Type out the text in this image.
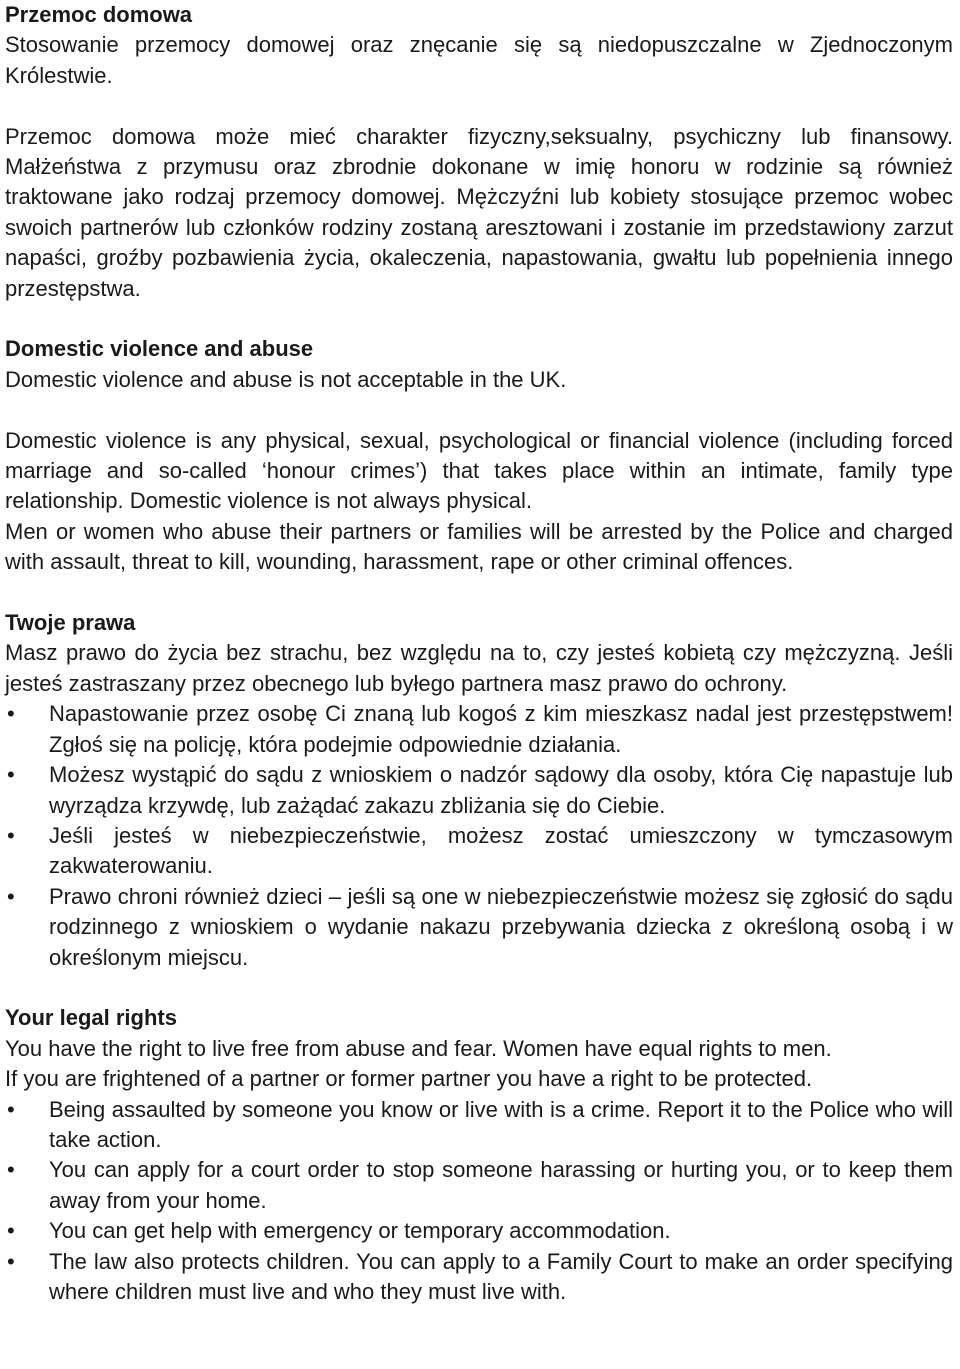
Przemoc domowa

Stosowanie przemocy domowej oraz znęcanie się są niedopuszczalne w Zjednoczonym Królestwie.

Przemoc domowa może mieć charakter fizyczny,seksualny, psychiczny lub finansowy. Małżeństwa z przymusu oraz zbrodnie dokonane w imię honoru w rodzinie są również traktowane jako rodzaj przemocy domowej. Mężczyźni lub kobiety stosujące przemoc wobec swoich partnerów lub członków rodziny zostaną aresztowani i zostanie im przedstawiony zarzut napaści, groźby pozbawienia życia, okaleczenia, napastowania, gwałtu lub popełnienia innego przestępstwa.

Domestic violence and abuse

Domestic violence and abuse is not acceptable in the UK.

Domestic violence is any physical, sexual, psychological or financial violence (including forced marriage and so-called ‘honour crimes’) that takes place within an intimate, family type relationship. Domestic violence is not always physical.

Men or women who abuse their partners or families will be arrested by the Police and charged with assault, threat to kill, wounding, harassment, rape or other criminal offences.

Twoje prawa

Masz prawo do życia bez strachu, bez względu na to, czy jesteś kobietą czy mężczyzną. Jeśli jesteś zastraszany przez obecnego lub byłego partnera masz prawo do ochrony.

• Napastowanie przez osobę Ci znaną lub kogoś z kim mieszkasz nadal jest przestępstwem! Zgłoś się na policję, która podejmie odpowiednie działania.
• Możesz wystąpić do sądu z wnioskiem o nadzór sądowy dla osoby, która Cię napastuje lub wyrządza krzywdę, lub zażądać zakazu zbliżania się do Ciebie.
• Jeśli jesteś w niebezpieczeństwie, możesz zostać umieszczony w tymczasowym zakwaterowaniu.
• Prawo chroni również dzieci – jeśli są one w niebezpieczeństwie możesz się zgłosić do sądu rodzinnego z wnioskiem o wydanie nakazu przebywania dziecka z określoną osobą i w określonym miejscu.
Your legal rights

You have the right to live free from abuse and fear. Women have equal rights to men.

If you are frightened of a partner or former partner you have a right to be protected.

• Being assaulted by someone you know or live with is a crime. Report it to the Police who will take action.
• You can apply for a court order to stop someone harassing or hurting you, or to keep them away from your home.
• You can get help with emergency or temporary accommodation.
• The law also protects children. You can apply to a Family Court to make an order specifying where children must live and who they must live with.
